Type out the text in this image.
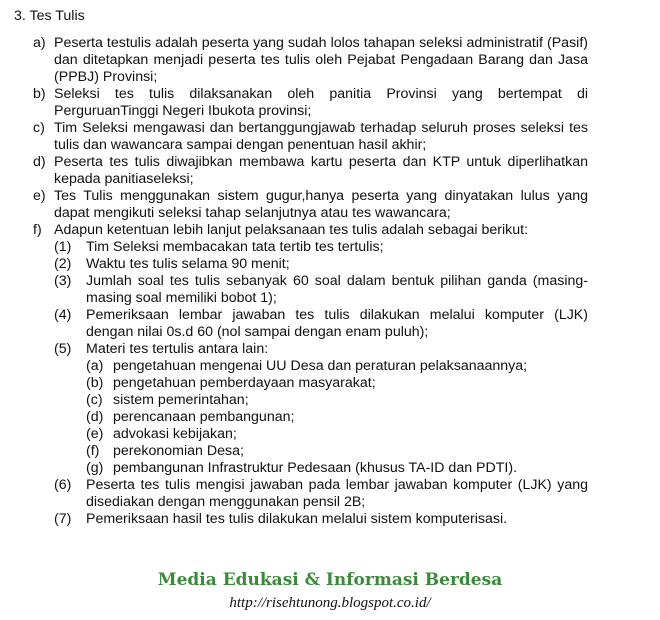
3. Tes Tulis
a) Peserta testulis adalah peserta yang sudah lolos tahapan seleksi administratif (Pasif) dan ditetapkan menjadi peserta tes tulis oleh Pejabat Pengadaan Barang dan Jasa (PPBJ) Provinsi;
b) Seleksi tes tulis dilaksanakan oleh panitia Provinsi yang bertempat di PerguruanTinggi Negeri Ibukota provinsi;
c) Tim Seleksi mengawasi dan bertanggungjawab terhadap seluruh proses seleksi tes tulis dan wawancara sampai dengan penentuan hasil akhir;
d) Peserta tes tulis diwajibkan membawa kartu peserta dan KTP untuk diperlihatkan kepada panitiaseleksi;
e) Tes Tulis menggunakan sistem gugur,hanya peserta yang dinyatakan lulus yang dapat mengikuti seleksi tahap selanjutnya atau tes wawancara;
f) Adapun ketentuan lebih lanjut pelaksanaan tes tulis adalah sebagai berikut:
(1) Tim Seleksi membacakan tata tertib tes tertulis;
(2) Waktu tes tulis selama 90 menit;
(3) Jumlah soal tes tulis sebanyak 60 soal dalam bentuk pilihan ganda (masing-masing soal memiliki bobot 1);
(4) Pemeriksaan lembar jawaban tes tulis dilakukan melalui komputer (LJK) dengan nilai 0s.d 60 (nol sampai dengan enam puluh);
(5) Materi tes tertulis antara lain:
(a) pengetahuan mengenai UU Desa dan peraturan pelaksanaannya;
(b) pengetahuan pemberdayaan masyarakat;
(c) sistem pemerintahan;
(d) perencanaan pembangunan;
(e) advokasi kebijakan;
(f) perekonomian Desa;
(g) pembangunan Infrastruktur Pedesaan (khusus TA-ID dan PDTI).
(6) Peserta tes tulis mengisi jawaban pada lembar jawaban komputer (LJK) yang disediakan dengan menggunakan pensil 2B;
(7) Pemeriksaan hasil tes tulis dilakukan melalui sistem komputerisasi.
Media Edukasi & Informasi Berdesa
http://risehtunong.blogspot.co.id/
